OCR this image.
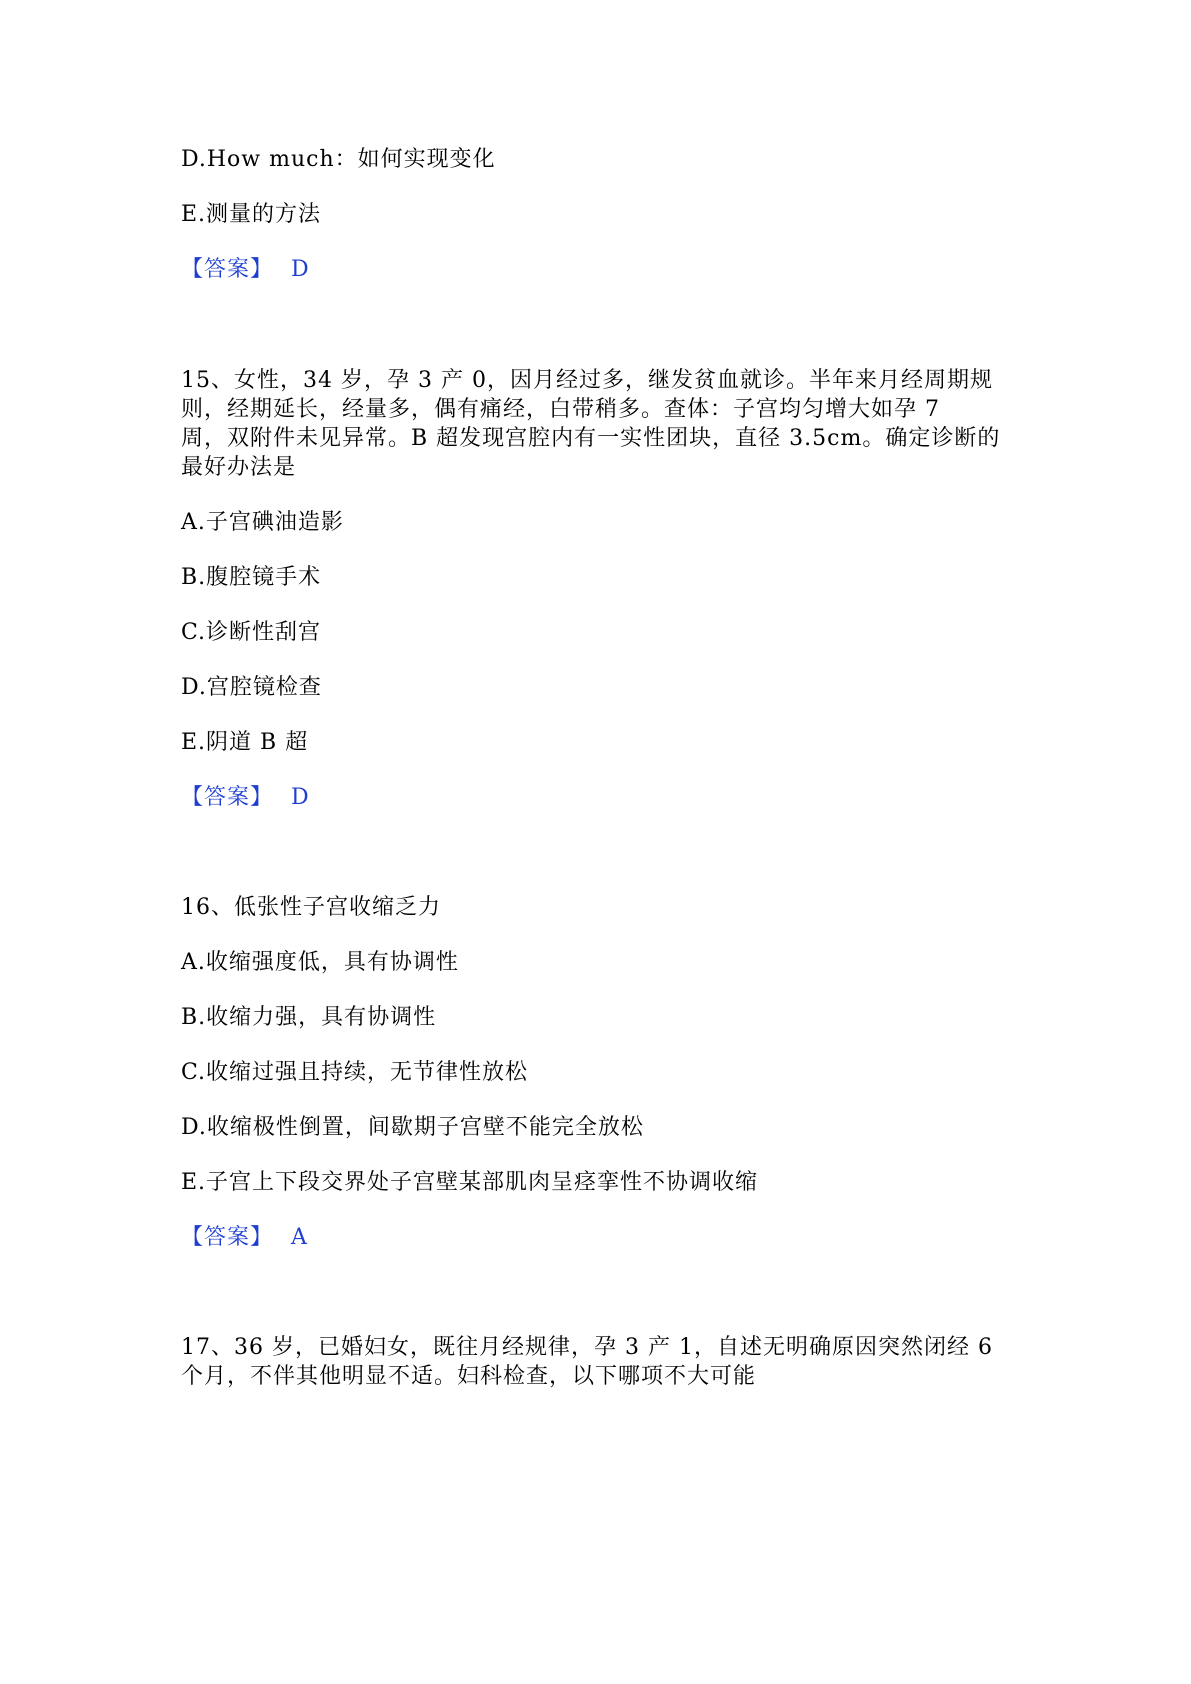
D.How much：如何实现变化
E.测量的方法
【答案】 D
15、女性，34 岁，孕 3 产 0，因月经过多，继发贫血就诊。半年来月经周期规
则，经期延长，经量多，偶有痛经，白带稍多。查体：子宫均匀增大如孕 7
周，双附件未见异常。B 超发现宫腔内有一实性团块，直径 3.5cm。确定诊断的
最好办法是
A.子宫碘油造影
B.腹腔镜手术
C.诊断性刮宫
D.宫腔镜检查
E.阴道 B 超
【答案】 D
16、低张性子宫收缩乏力
A.收缩强度低，具有协调性
B.收缩力强，具有协调性
C.收缩过强且持续，无节律性放松
D.收缩极性倒置，间歇期子宫壁不能完全放松
E.子宫上下段交界处子宫壁某部肌肉呈痉挛性不协调收缩
【答案】 A
17、36 岁，已婚妇女，既往月经规律，孕 3 产 1，自述无明确原因突然闭经 6
个月，不伴其他明显不适。妇科检查，以下哪项不大可能
